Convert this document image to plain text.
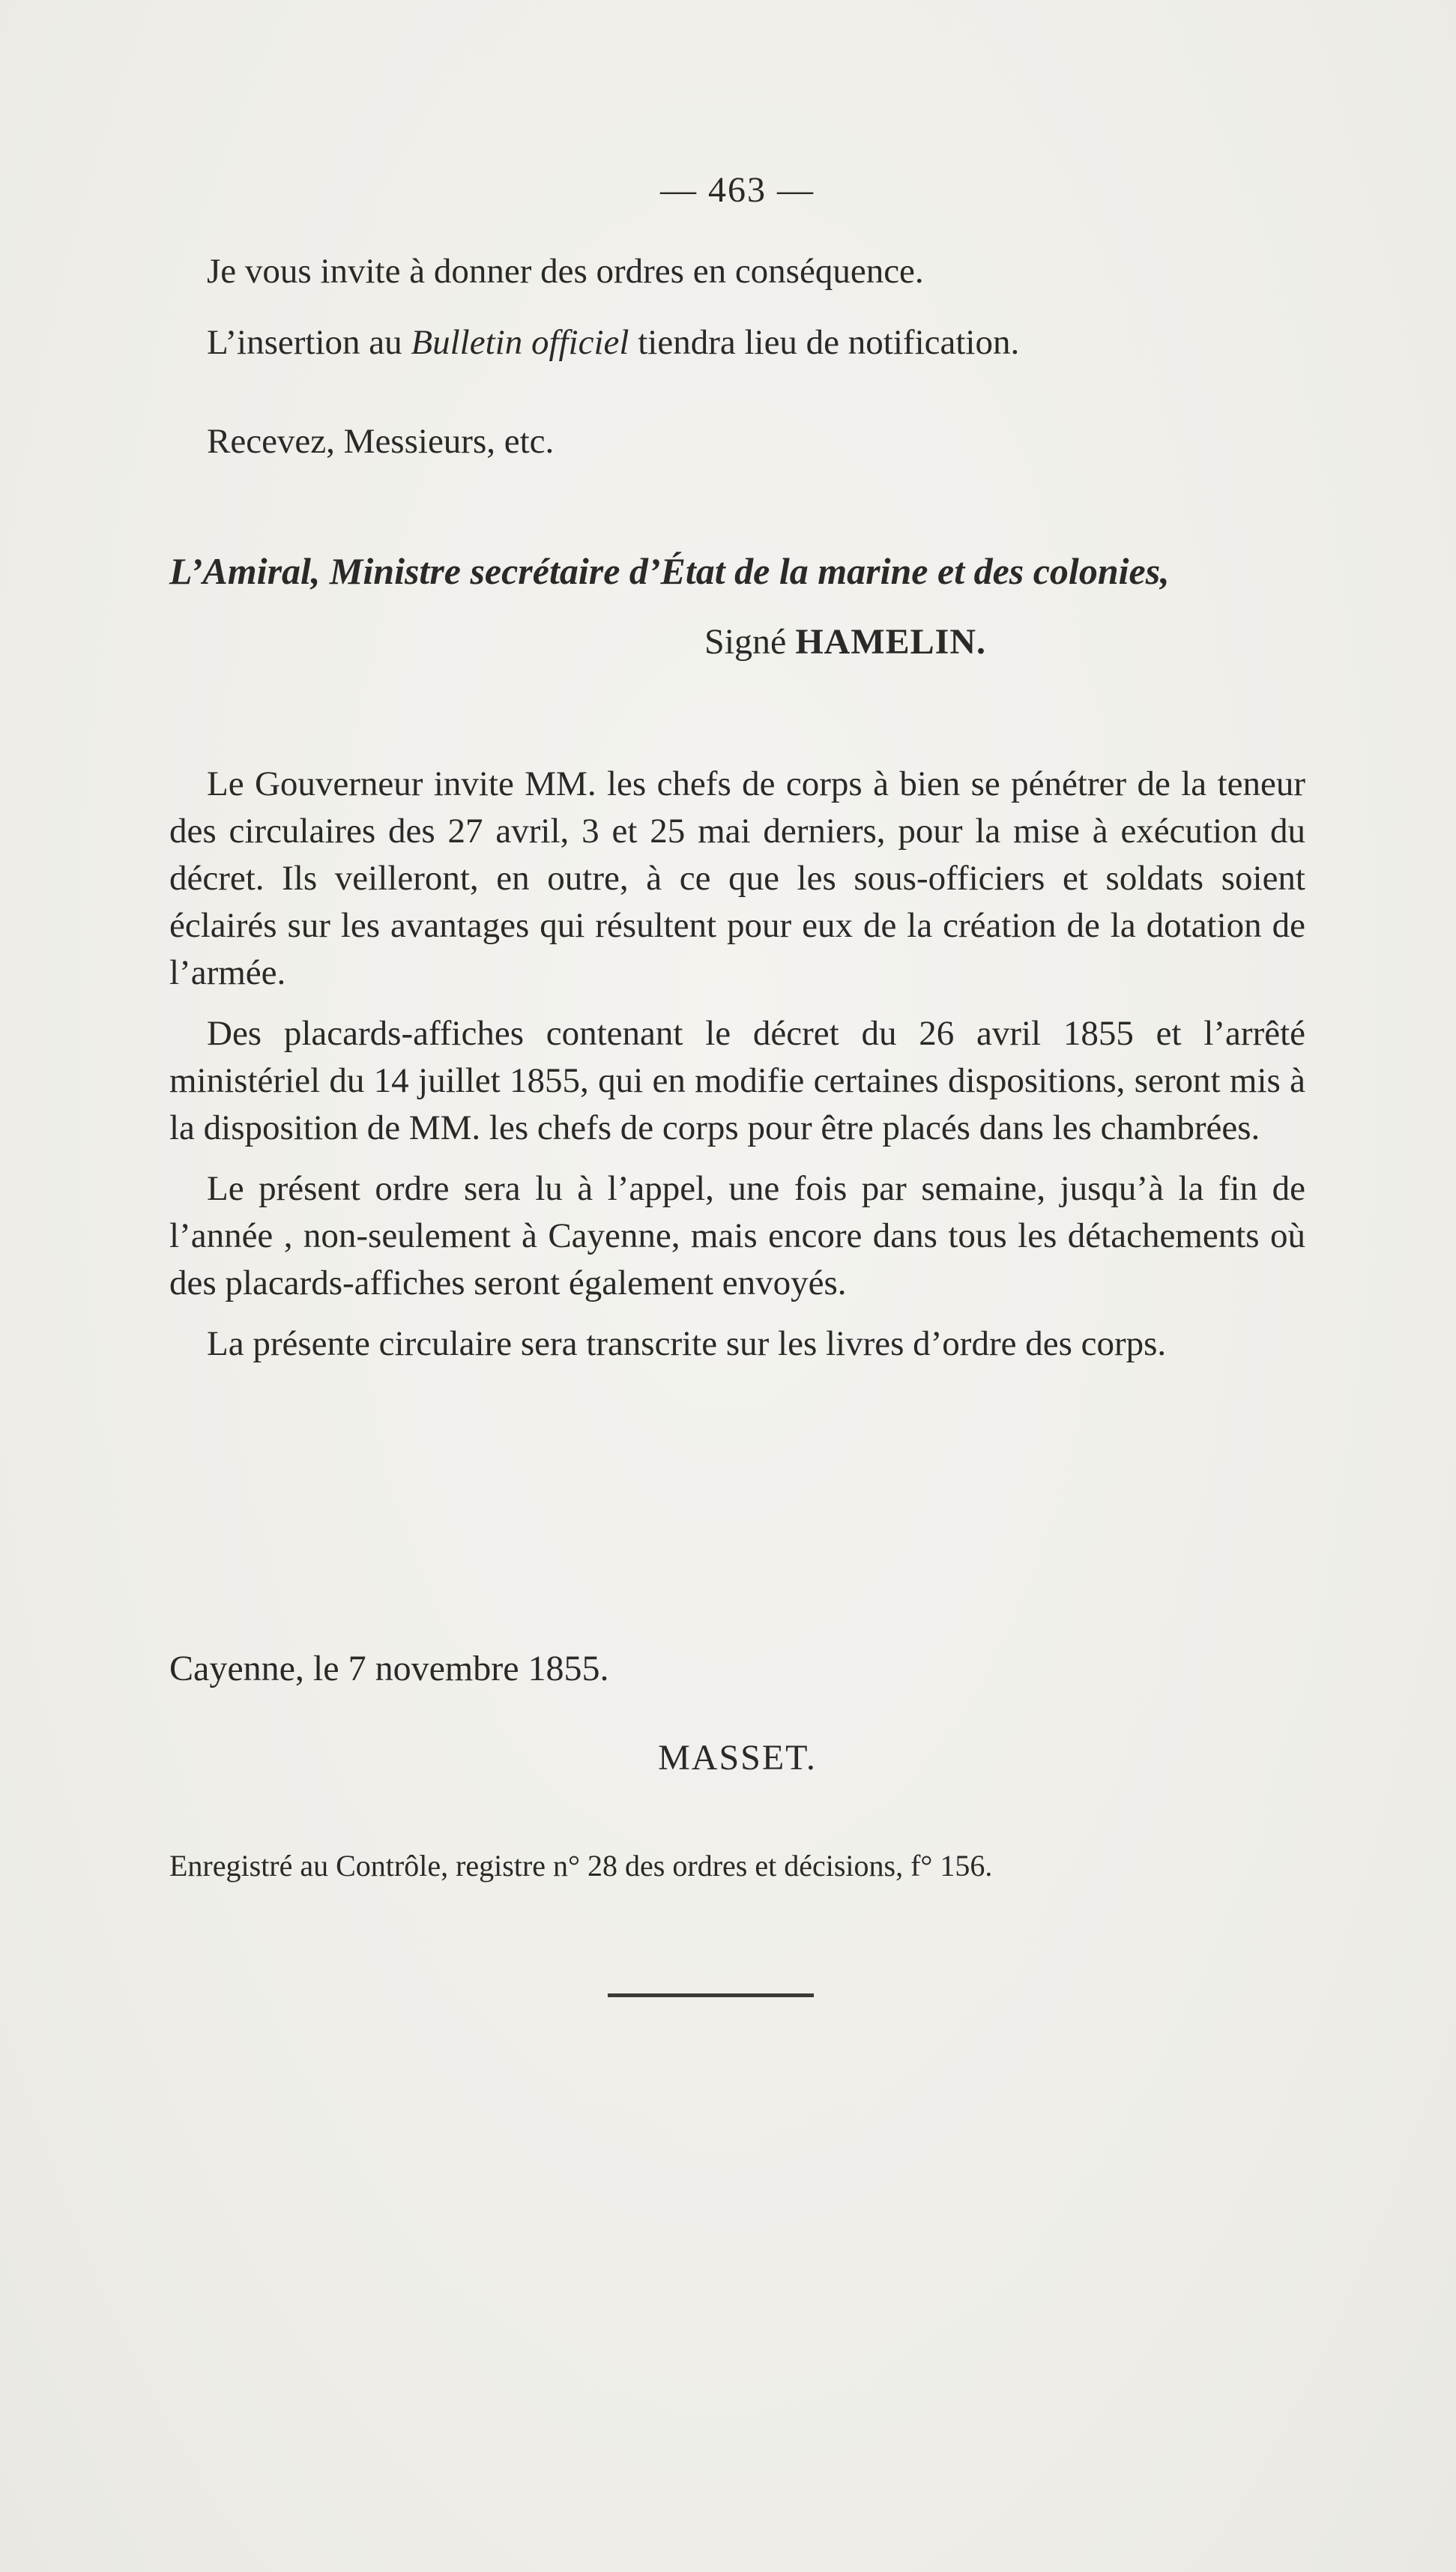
— 463 —
Je vous invite à donner des ordres en conséquence.
L’insertion au Bulletin officiel tiendra lieu de notification.
Recevez, Messieurs, etc.
L’Amiral, Ministre secrétaire d’État de la marine et des colonies,
Signé HAMELIN.

Le Gouverneur invite MM. les chefs de corps à bien se pénétrer de la teneur des circulaires des 27 avril, 3 et 25 mai derniers, pour la mise à exécution du décret. Ils veilleront, en outre, à ce que les sous-officiers et soldats soient éclairés sur les avantages qui résultent pour eux de la création de la dotation de l’armée.

Des placards-affiches contenant le décret du 26 avril 1855 et l’arrêté ministériel du 14 juillet 1855, qui en modifie certaines dispositions, seront mis à la disposition de MM. les chefs de corps pour être placés dans les chambrées.

Le présent ordre sera lu à l’appel, une fois par semaine, jusqu’à la fin de l’année , non-seulement à Cayenne, mais encore dans tous les détachements où des placards-affiches seront également envoyés.

La présente circulaire sera transcrite sur les livres d’ordre des corps.

Cayenne, le 7 novembre 1855.
MASSET.
Enregistré au Contrôle, registre n° 28 des ordres et décisions, f° 156.
